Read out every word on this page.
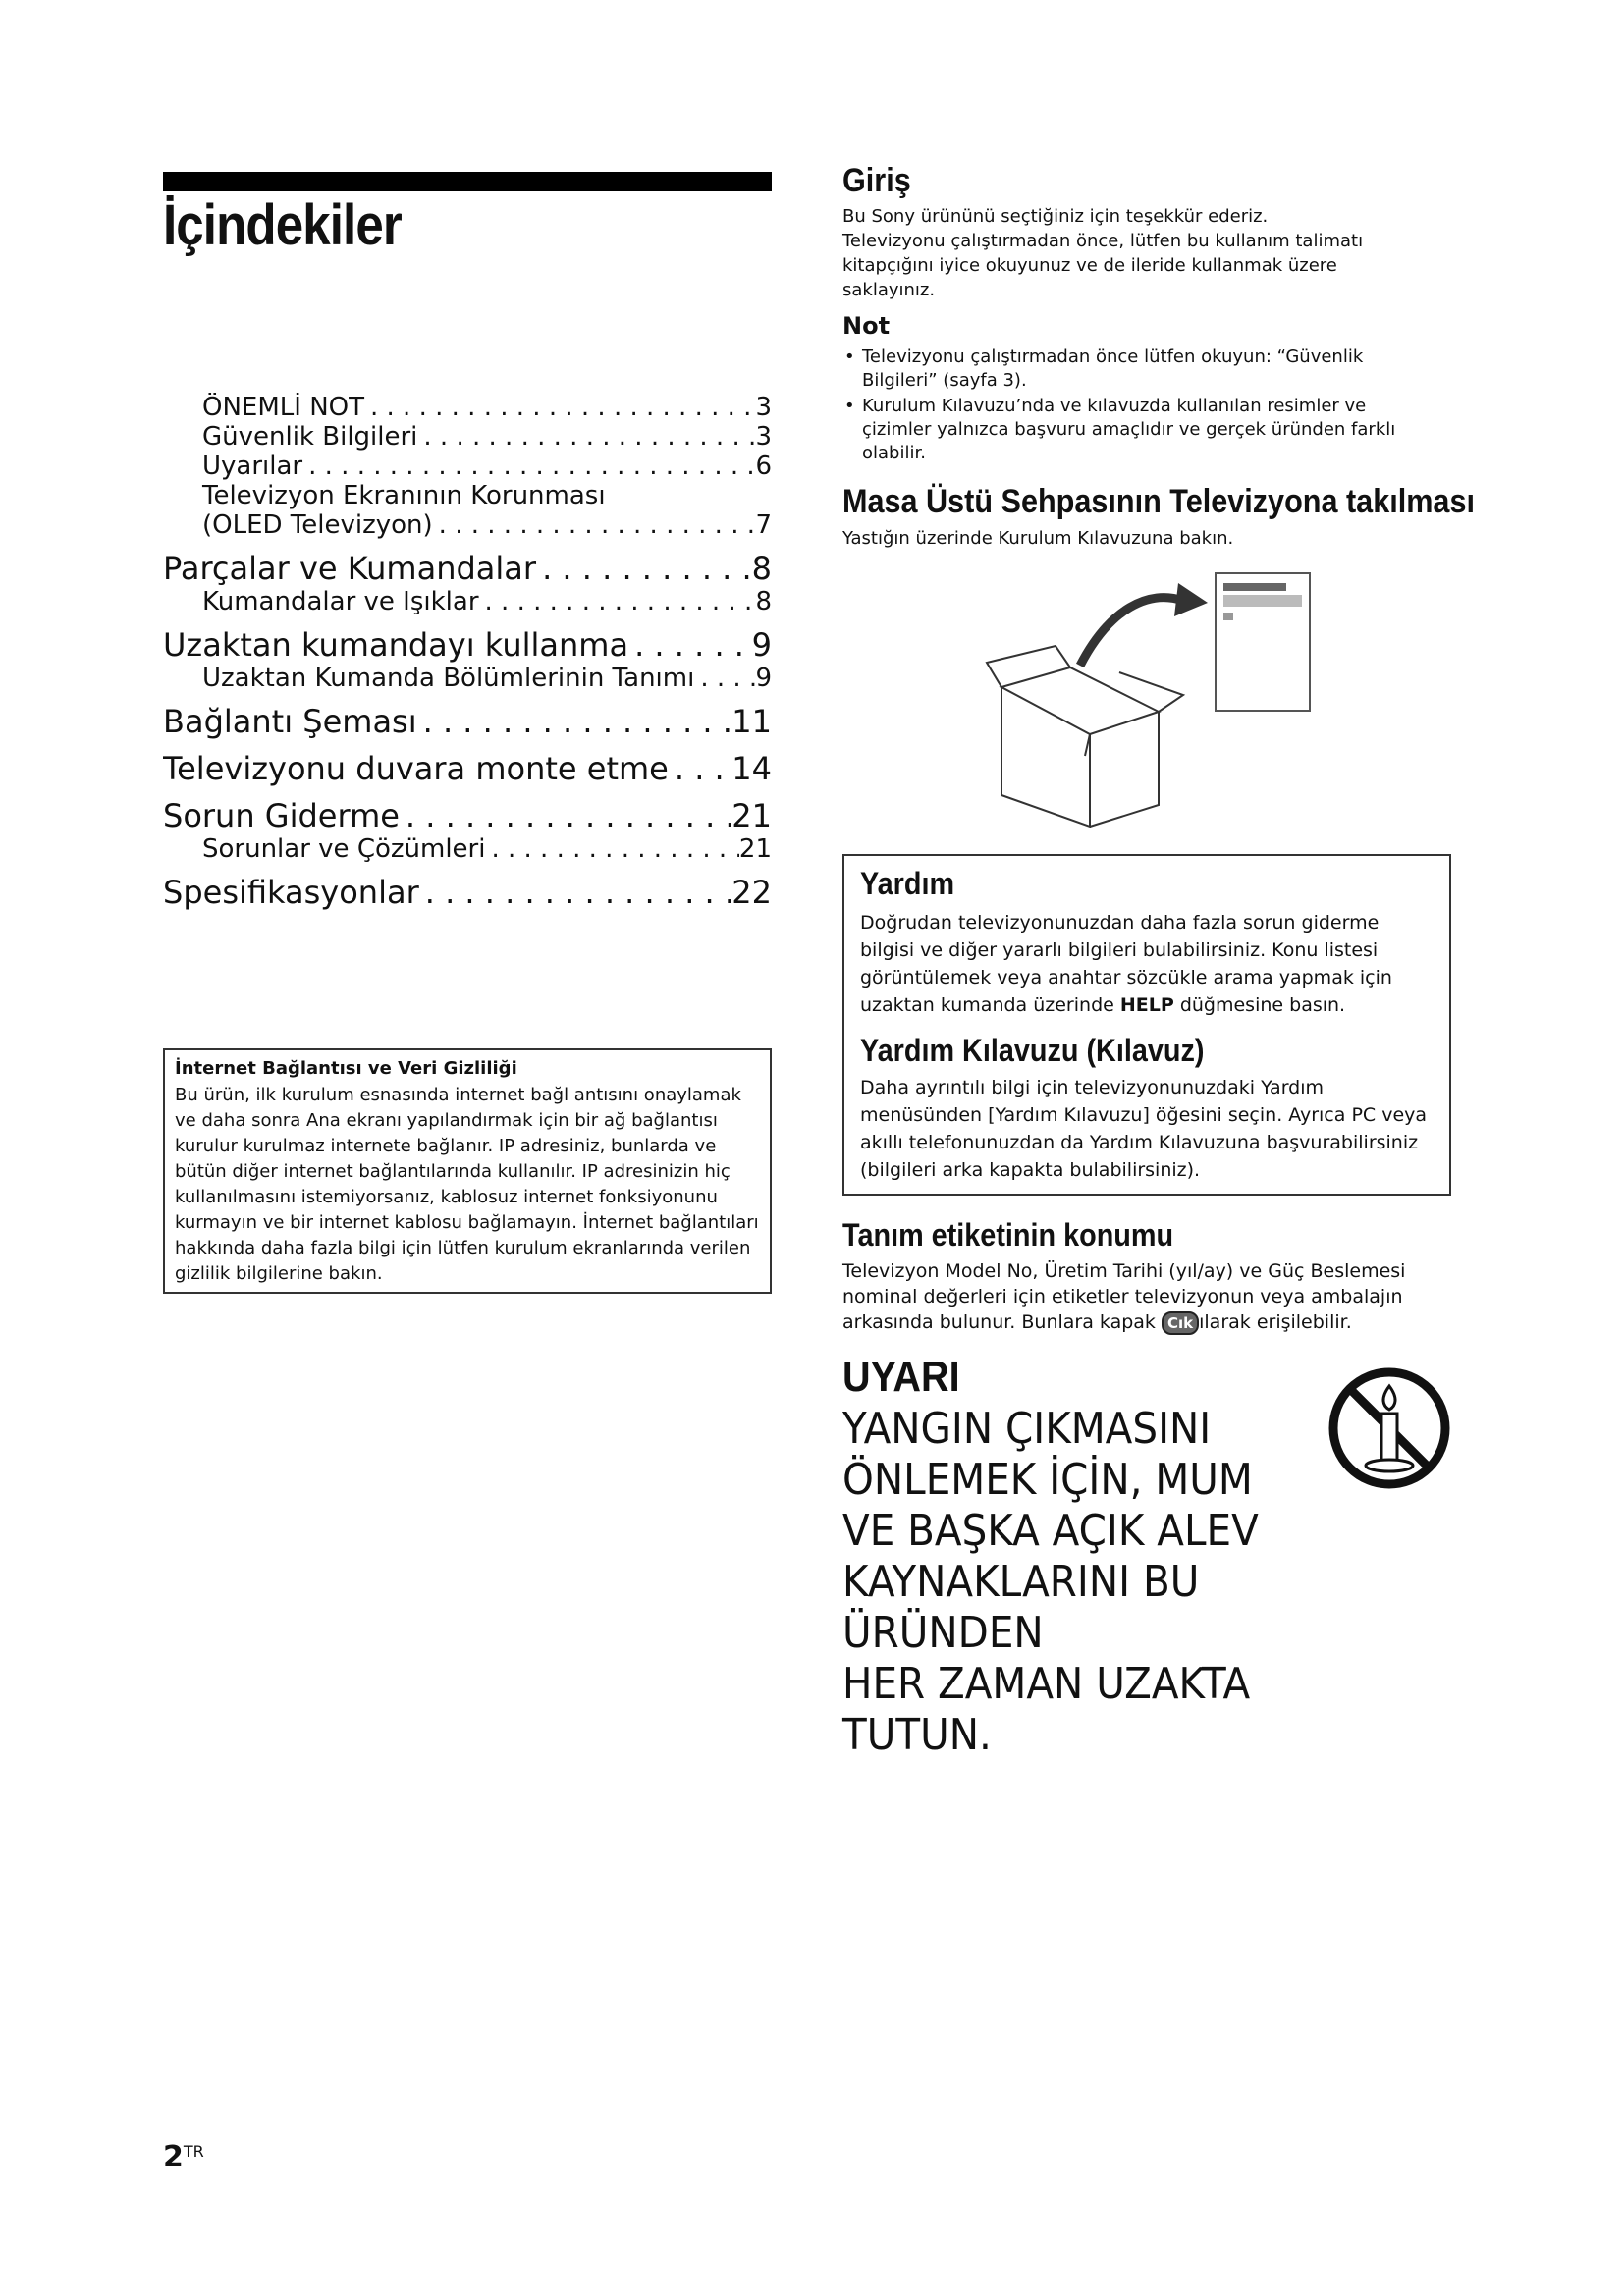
İçindekiler
ÖNEMLİ NOT . . .	3
Güvenlik Bilgileri . . .	3
Uyarılar . . .	6
Televizyon Ekranının Korunması
(OLED Televizyon) . . .	7
Parçalar ve Kumandalar . . .	8
Kumandalar ve Işıklar . . .	8
Uzaktan kumandayı kullanma . . .	9
Uzaktan Kumanda Bölümlerinin Tanımı . . . 9
Bağlantı Şeması . . .	11
Televizyonu duvara monte etme . . . 14
Sorun Giderme . . .	21
Sorunlar ve Çözümleri . . .	21
Spesifikasyonlar . . .	22
İnternet Bağlantısı ve Veri Gizliliği
Bu ürün, ilk kurulum esnasında internet bağl antısını onaylamak ve daha sonra Ana ekranı yapılandırmak için bir ağ bağlantısı kurulur kurulmaz internete bağlanır. IP adresiniz, bunlarda ve bütün diğer internet bağlantılarında kullanılır. IP adresinizin hiç kullanılmasını istemiyorsanız, kablosuz internet fonksiyonunu kurmayın ve bir internet kablosu bağlamayın. İnternet bağlantıları hakkında daha fazla bilgi için lütfen kurulum ekranlarında verilen gizlilik bilgilerine bakın.
Giriş
Bu Sony ürününü seçtiğiniz için teşekkür ederiz.
Televizyonu çalıştırmadan önce, lütfen bu kullanım talimatı kitapçığını iyice okuyunuz ve de ileride kullanmak üzere saklayınız.
Not
• Televizyonu çalıştırmadan önce lütfen okuyun: “Güvenlik Bilgileri” (sayfa 3).
• Kurulum Kılavuzu’nda ve kılavuzda kullanılan resimler ve çizimler yalnızca başvuru amaçlıdır ve gerçek üründen farklı olabilir.
Masa Üstü Sehpasının Televizyona takılması
Yastığın üzerinde Kurulum Kılavuzuna bakın.
Yardım
Doğrudan televizyonunuzdan daha fazla sorun giderme bilgisi ve diğer yararlı bilgileri bulabilirsiniz. Konu listesi görüntülemek veya anahtar sözcükle arama yapmak için uzaktan kumanda üzerinde HELP düğmesine basın.
Yardım Kılavuzu (Kılavuz)
Daha ayrıntılı bilgi için televizyonunuzdaki Yardım menüsünden [Yardım Kılavuzu] öğesini seçin. Ayrıca PC veya akıllı telefonunuzdan da Yardım Kılavuzuna başvurabilirsiniz (bilgileri arka kapakta bulabilirsiniz).
Tanım etiketinin konumu
Televizyon Model No, Üretim Tarihi (yıl/ay) ve Güç Beslemesi nominal değerleri için etiketler televizyonun veya ambalajın arkasında bulunur. Bunlara kapak Cık ılarak erişilebilir.
UYARI
YANGIN ÇIKMASINI
ÖNLEMEK İÇİN, MUM
VE BAŞKA AÇIK ALEV
KAYNAKLARINI BU ÜRÜNDEN
HER ZAMAN UZAKTA TUTUN.
$2^{TR}$
